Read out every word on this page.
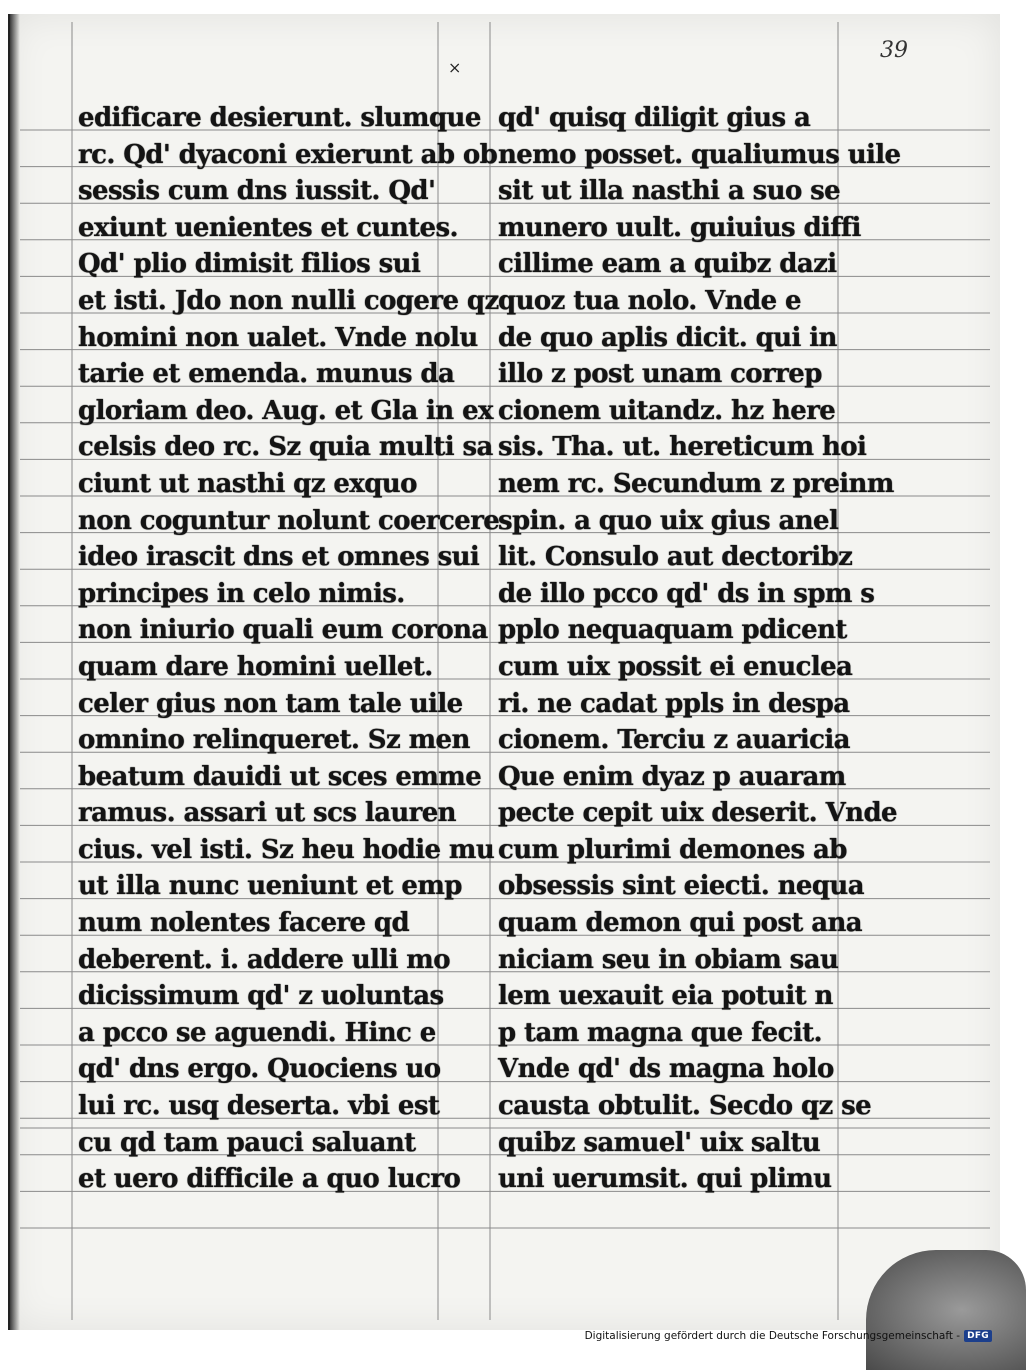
39
×
edificare desierunt. slumque
rc. Qd' dyaconi exierunt ab ob
sessis cum dns iussit. Qd'
exiunt uenientes et cuntes.
Qd' plio dimisit filios sui
et isti. Jdo non nulli cogere qz
homini non ualet. Vnde nolu
tarie et emenda. munus da
gloriam deo. Aug. et Gla in ex
celsis deo rc. Sz quia multi sa
ciunt ut nasthi qz exquo
non coguntur nolunt coercere
ideo irascit dns et omnes sui
principes in celo nimis.
non iniurio quali eum corona
quam dare homini uellet.
celer gius non tam tale uile
omnino relinqueret. Sz men
beatum dauidi ut sces emme
ramus. assari ut scs lauren
cius. vel isti. Sz heu hodie mu
ut illa nunc ueniunt et emp
num nolentes facere qd
deberent. i. addere ulli mo
dicissimum qd' z uoluntas
a pcco se aguendi. Hinc e
qd' dns ergo. Quociens uo
lui rc. usq deserta. vbi est
cu qd tam pauci saluant
et uero difficile a quo lucro
qd' quisq diligit gius a
nemo posset. qualiumus uile
sit ut illa nasthi a suo se
munero uult. guiuius diffi
cillime eam a quibz dazi
quoz tua nolo. Vnde e
de quo aplis dicit. qui in
illo z post unam correp
cionem uitandz. hz here
sis. Tha. ut. hereticum hoi
nem rc. Secundum z preinm
spin. a quo uix gius anel
lit. Consulo aut dectoribz
de illo pcco qd' ds in spm s
pplo nequaquam pdicent
cum uix possit ei enuclea
ri. ne cadat ppls in despa
cionem. Terciu z auaricia
Que enim dyaz p auaram
pecte cepit uix deserit. Vnde
cum plurimi demones ab
obsessis sint eiecti. nequa
quam demon qui post ana
niciam seu in obiam sau
lem uexauit eia potuit n
p tam magna que fecit.
Vnde qd' ds magna holo
causta obtulit. Secdo qz se
quibz samuel' uix saltu
uni uerumsit. qui plimu
Digitalisierung gefördert durch die Deutsche Forschungsgemeinschaft - DFG
